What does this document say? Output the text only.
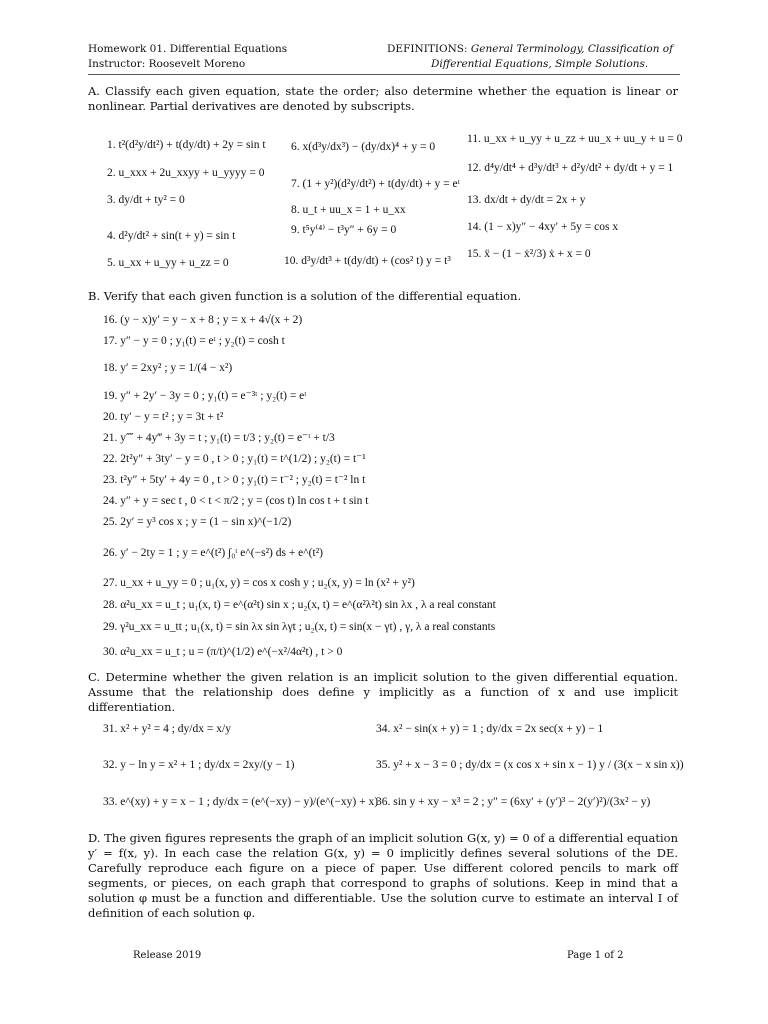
Homework 01. Differential Equations
Instructor: Roosevelt Moreno
DEFINITIONS: General Terminology, Classification of
Differential Equations, Simple Solutions.
A. Classify each given equation, state the order; also determine whether the equation is linear or nonlinear. Partial derivatives are denoted by subscripts.
1. t²(d²y/dt²) + t(dy/dt) + 2y = sin t
2. u_xxx + 2u_xxyy + u_yyyy = 0
3. dy/dt + ty² = 0
4. d²y/dt² + sin(t + y) = sin t
5. u_xx + u_yy + u_zz = 0
6. x(d³y/dx³) − (dy/dx)⁴ + y = 0
7. (1 + y²)(d²y/dt²) + t(dy/dt) + y = eᵗ
8. u_t + uu_x = 1 + u_xx
9. t⁵y⁽⁴⁾ − t³y″ + 6y = 0
10. d³y/dt³ + t(dy/dt) + (cos² t) y = t³
11. u_xx + u_yy + u_zz + uu_x + uu_y + u = 0
12. d⁴y/dt⁴ + d³y/dt³ + d²y/dt² + dy/dt + y = 1
13. dx/dt + dy/dt = 2x + y
14. (1 − x)y″ − 4xy′ + 5y = cos x
15. ẍ − (1 − ẋ²/3) ẋ + x = 0
B. Verify that each given function is a solution of the differential equation.
16. (y − x)y′ = y − x + 8 ; y = x + 4√(x + 2)
17. y″ − y = 0 ; y₁(t) = eᵗ ; y₂(t) = cosh t
18. y′ = 2xy² ; y = 1/(4 − x²)
19. y″ + 2y′ − 3y = 0 ; y₁(t) = e⁻³ᵗ ; y₂(t) = eᵗ
20. ty′ − y = t² ; y = 3t + t²
21. y⁗ + 4y‴ + 3y = t ; y₁(t) = t/3 ; y₂(t) = e⁻ᵗ + t/3
22. 2t²y″ + 3ty′ − y = 0 , t > 0 ; y₁(t) = t^(1/2) ; y₂(t) = t⁻¹
23. t²y″ + 5ty′ + 4y = 0 , t > 0 ; y₁(t) = t⁻² ; y₂(t) = t⁻² ln t
24. y″ + y = sec t , 0 < t < π/2 ; y = (cos t) ln cos t + t sin t
25. 2y′ = y³ cos x ; y = (1 − sin x)^(−1/2)
26. y′ − 2ty = 1 ; y = e^(t²) ∫₀ᵗ e^(−s²) ds + e^(t²)
27. u_xx + u_yy = 0 ; u₁(x, y) = cos x cosh y ; u₂(x, y) = ln (x² + y²)
28. α²u_xx = u_t ; u₁(x, t) = e^(α²t) sin x ; u₂(x, t) = e^(α²λ²t) sin λx , λ a real constant
29. γ²u_xx = u_tt ; u₁(x, t) = sin λx sin λγt ; u₂(x, t) = sin(x − γt) , γ, λ a real constants
30. α²u_xx = u_t ; u = (π/t)^(1/2) e^(−x²/4α²t) , t > 0
C. Determine whether the given relation is an implicit solution to the given differential equation. Assume that the relationship does define y implicitly as a function of x and use implicit differentiation.
31. x² + y² = 4 ; dy/dx = x/y
32. y − ln y = x² + 1 ; dy/dx = 2xy/(y − 1)
33. e^(xy) + y = x − 1 ; dy/dx = (e^(−xy) − y)/(e^(−xy) + x)
34. x² − sin(x + y) = 1 ; dy/dx = 2x sec(x + y) − 1
35. y² + x − 3 = 0 ; dy/dx = (x cos x + sin x − 1) y / (3(x − x sin x))
36. sin y + xy − x³ = 2 ; y″ = (6xy′ + (y′)³ − 2(y′)²)/(3x² − y)
D. The given figures represents the graph of an implicit solution G(x, y) = 0 of a differential equation y′ = f(x, y). In each case the relation G(x, y) = 0 implicitly defines several solutions of the DE. Carefully reproduce each figure on a piece of paper. Use different colored pencils to mark off segments, or pieces, on each graph that correspond to graphs of solutions. Keep in mind that a solution φ must be a function and differentiable. Use the solution curve to estimate an interval I of definition of each solution φ.
Release 2019	Page 1 of 2
